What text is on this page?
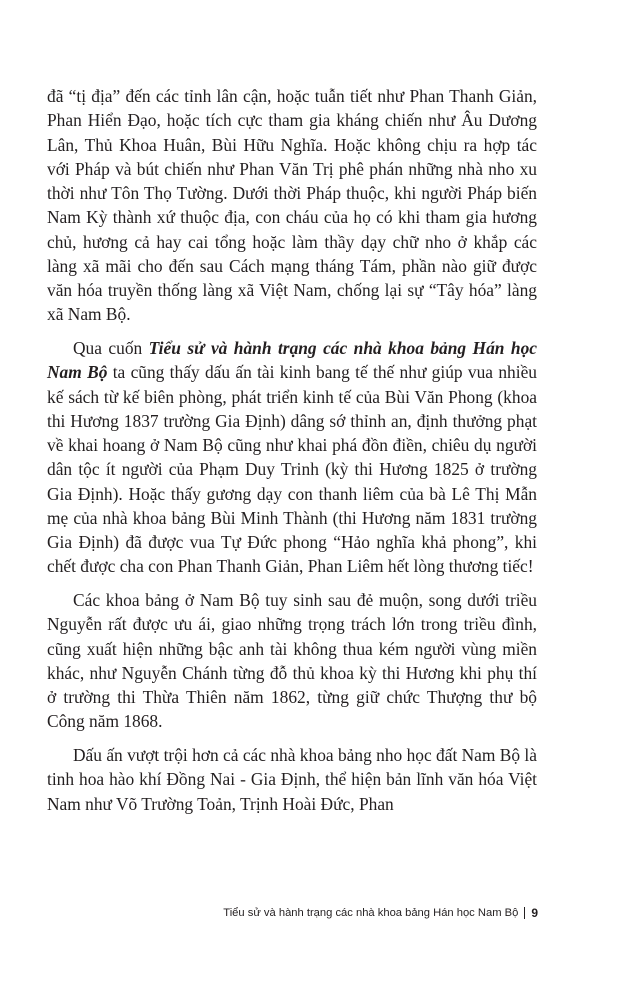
đã “tị địa” đến các tỉnh lân cận, hoặc tuẫn tiết như Phan Thanh Giản, Phan Hiển Đạo, hoặc tích cực tham gia kháng chiến như Âu Dương Lân, Thủ Khoa Huân, Bùi Hữu Nghĩa. Hoặc không chịu ra hợp tác với Pháp và bút chiến như Phan Văn Trị phê phán những nhà nho xu thời như Tôn Thọ Tường. Dưới thời Pháp thuộc, khi người Pháp biến Nam Kỳ thành xứ thuộc địa, con cháu của họ có khi tham gia hương chủ, hương cả hay cai tổng hoặc làm thầy dạy chữ nho ở khắp các làng xã mãi cho đến sau Cách mạng tháng Tám, phần nào giữ được văn hóa truyền thống làng xã Việt Nam, chống lại sự “Tây hóa” làng xã Nam Bộ.

Qua cuốn Tiểu sử và hành trạng các nhà khoa bảng Hán học Nam Bộ ta cũng thấy dấu ấn tài kinh bang tế thế như giúp vua nhiều kế sách từ kế biên phòng, phát triển kinh tế của Bùi Văn Phong (khoa thi Hương 1837 trường Gia Định) dâng sớ thỉnh an, định thưởng phạt về khai hoang ở Nam Bộ cũng như khai phá đồn điền, chiêu dụ người dân tộc ít người của Phạm Duy Trinh (kỳ thi Hương 1825 ở trường Gia Định). Hoặc thấy gương dạy con thanh liêm của bà Lê Thị Mẫn mẹ của nhà khoa bảng Bùi Minh Thành (thi Hương năm 1831 trường Gia Định) đã được vua Tự Đức phong “Hảo nghĩa khả phong”, khi chết được cha con Phan Thanh Giản, Phan Liêm hết lòng thương tiếc!

Các khoa bảng ở Nam Bộ tuy sinh sau đẻ muộn, song dưới triều Nguyễn rất được ưu ái, giao những trọng trách lớn trong triều đình, cũng xuất hiện những bậc anh tài không thua kém người vùng miền khác, như Nguyễn Chánh từng đỗ thủ khoa kỳ thi Hương khi phụ thí ở trường thi Thừa Thiên năm 1862, từng giữ chức Thượng thư bộ Công năm 1868.

Dấu ấn vượt trội hơn cả các nhà khoa bảng nho học đất Nam Bộ là tinh hoa hào khí Đồng Nai - Gia Định, thể hiện bản lĩnh văn hóa Việt Nam như Võ Trường Toản, Trịnh Hoài Đức, Phan

Tiểu sử và hành trạng các nhà khoa bảng Hán học Nam Bộ 9
